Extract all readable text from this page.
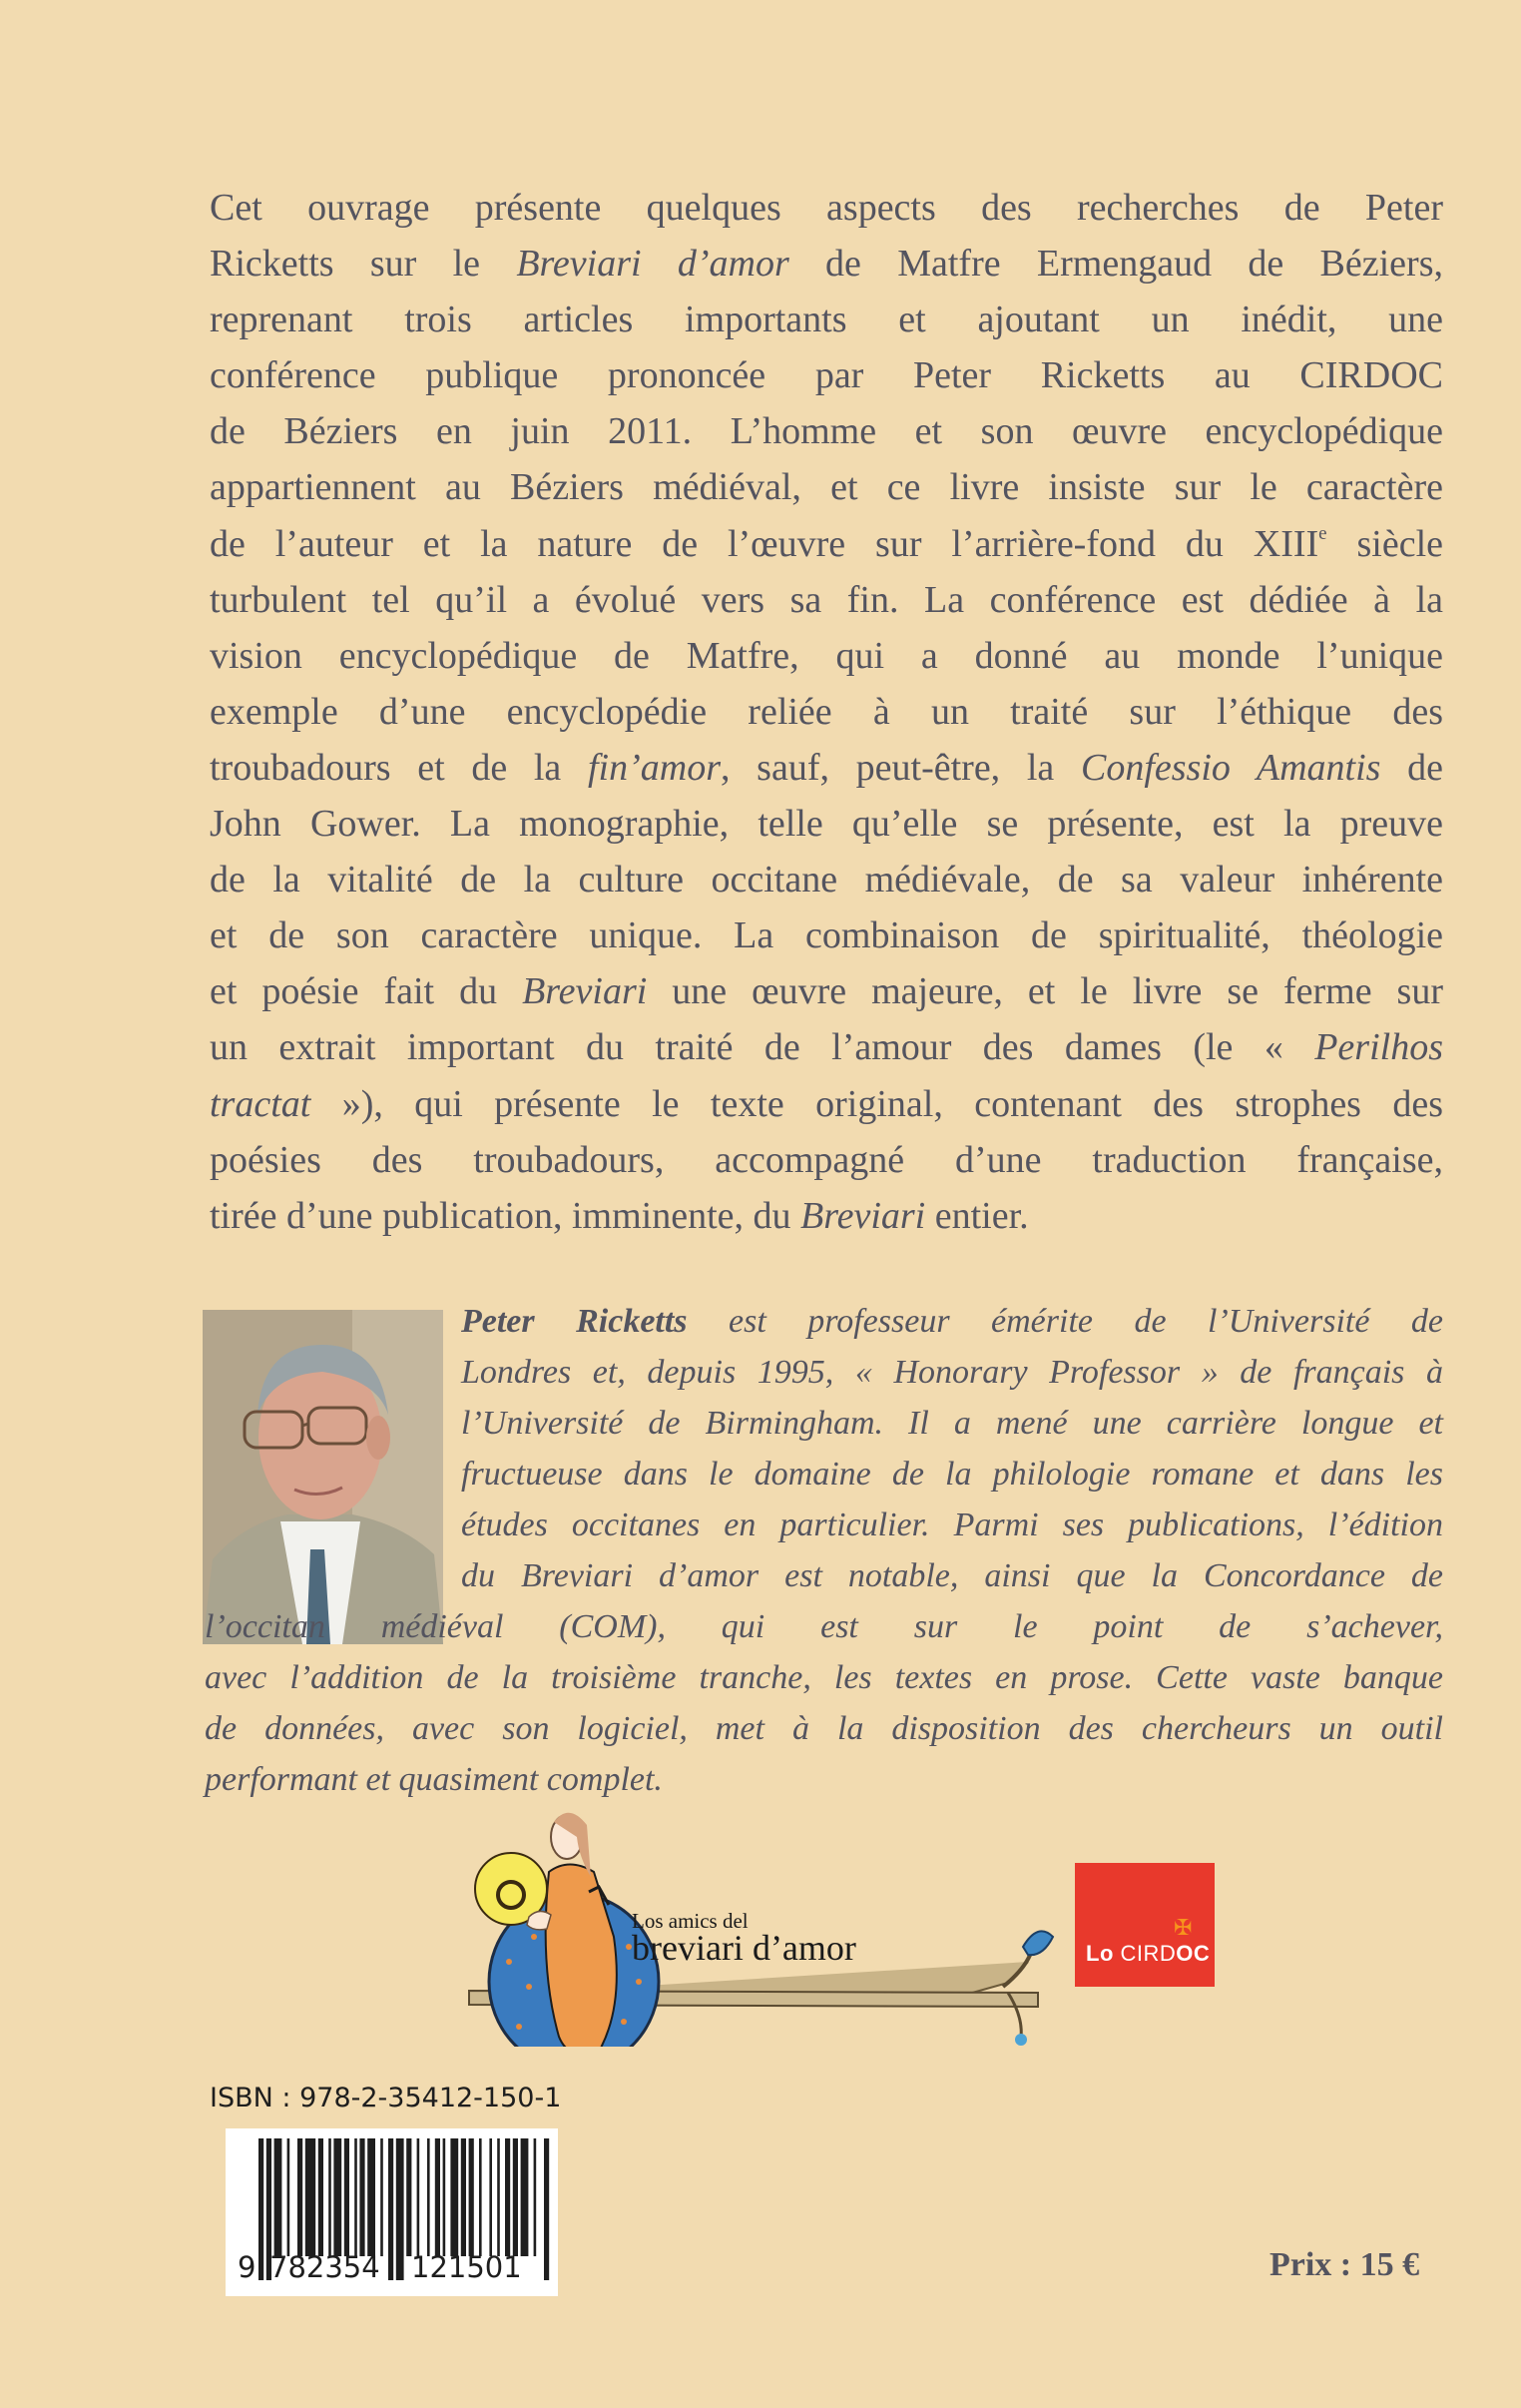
Cet ouvrage présente quelques aspects des recherches de Peter
Ricketts sur le Breviari d’amor de Matfre Ermengaud de Béziers,
reprenant trois articles importants et ajoutant un inédit, une
conférence publique prononcée par Peter Ricketts au CIRDOC
de Béziers en juin 2011. L’homme et son œuvre encyclopédique
appartiennent au Béziers médiéval, et ce livre insiste sur le caractère
de l’auteur et la nature de l’œuvre sur l’arrière-fond du XIIIe siècle
turbulent tel qu’il a évolué vers sa fin. La conférence est dédiée à la
vision encyclopédique de Matfre, qui a donné au monde l’unique
exemple d’une encyclopédie reliée à un traité sur l’éthique des
troubadours et de la fin’amor, sauf, peut-être, la Confessio Amantis de
John Gower. La monographie, telle qu’elle se présente, est la preuve
de la vitalité de la culture occitane médiévale, de sa valeur inhérente
et de son caractère unique. La combinaison de spiritualité, théologie
et poésie fait du Breviari une œuvre majeure, et le livre se ferme sur
un extrait important du traité de l’amour des dames (le « Perilhos
tractat »), qui présente le texte original, contenant des strophes des
poésies des troubadours, accompagné d’une traduction française,
tirée d’une publication, imminente, du Breviari entier.
Peter Ricketts est professeur émérite de l’Université de
Londres et, depuis 1995, « Honorary Professor » de français à
l’Université de Birmingham. Il a mené une carrière longue et
fructueuse dans le domaine de la philologie romane et dans les
études occitanes en particulier. Parmi ses publications, l’édition
du Breviari d’amor est notable, ainsi que la Concordance de
l’occitan médiéval (COM), qui est sur le point de s’achever,
avec l’addition de la troisième tranche, les textes en prose. Cette vaste banque
de données, avec son logiciel, met à la disposition des chercheurs un outil
performant et quasiment complet.
Los amics del
breviari d’amor
✠
Lo CIRDOC
ISBN : 978-2-35412-150-1
9 782354 121501	Prix : 15 €
